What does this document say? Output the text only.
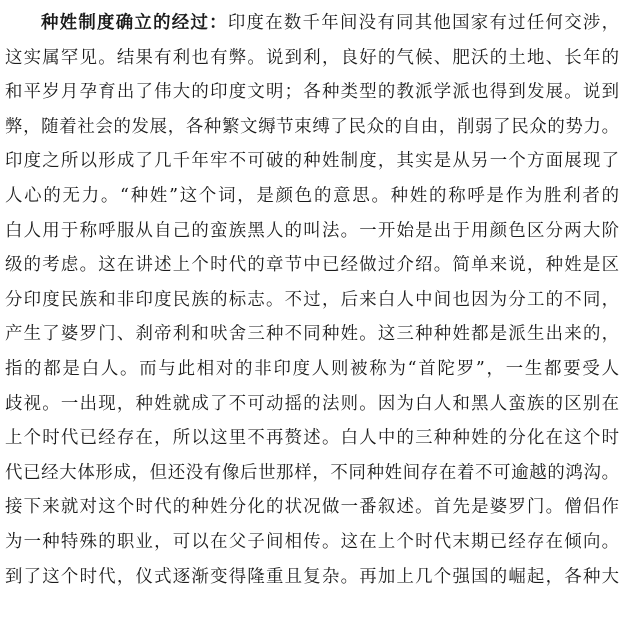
种姓制度确立的经过：印度在数千年间没有同其他国家有过任何交涉，
这实属罕见。结果有利也有弊。说到利，良好的气候、肥沃的土地、长年的
和平岁月孕育出了伟大的印度文明；各种类型的教派学派也得到发展。说到
弊，随着社会的发展，各种繁文缛节束缚了民众的自由，削弱了民众的势力。
印度之所以形成了几千年牢不可破的种姓制度，其实是从另一个方面展现了
人心的无力。“种姓”这个词，是颜色的意思。种姓的称呼是作为胜利者的
白人用于称呼服从自己的蛮族黑人的叫法。一开始是出于用颜色区分两大阶
级的考虑。这在讲述上个时代的章节中已经做过介绍。简单来说，种姓是区
分印度民族和非印度民族的标志。不过，后来白人中间也因为分工的不同，
产生了婆罗门、刹帝利和吠舍三种不同种姓。这三种种姓都是派生出来的，
指的都是白人。而与此相对的非印度人则被称为“首陀罗”，一生都要受人
歧视。一出现，种姓就成了不可动摇的法则。因为白人和黑人蛮族的区别在
上个时代已经存在，所以这里不再赘述。白人中的三种种姓的分化在这个时
代已经大体形成，但还没有像后世那样，不同种姓间存在着不可逾越的鸿沟。
接下来就对这个时代的种姓分化的状况做一番叙述。首先是婆罗门。僧侣作
为一种特殊的职业，可以在父子间相传。这在上个时代末期已经存在倾向。
到了这个时代，仪式逐渐变得隆重且复杂。再加上几个强国的崛起，各种大
